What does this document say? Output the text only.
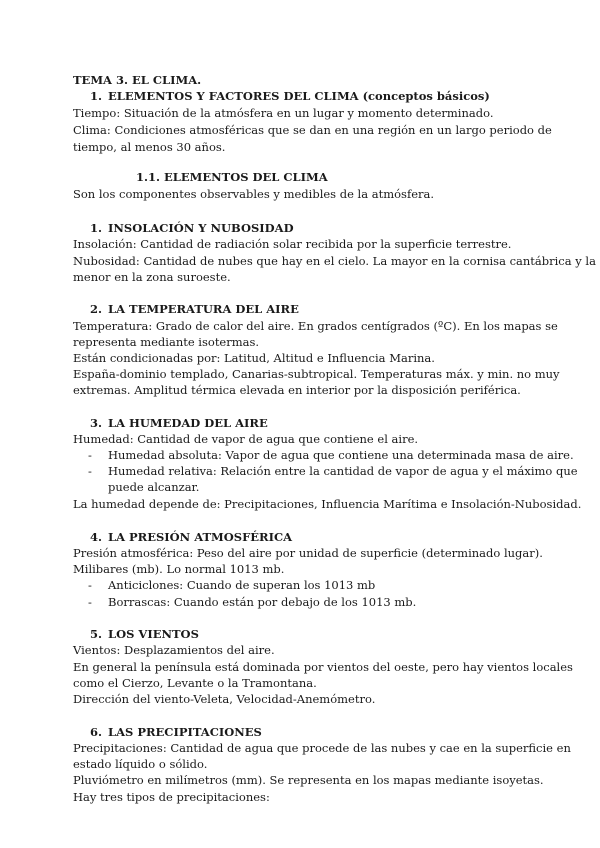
TEMA 3. EL CLIMA.
1. ELEMENTOS Y FACTORES DEL CLIMA (conceptos básicos)
Tiempo: Situación de la atmósfera en un lugar y momento determinado.
Clima: Condiciones atmosféricas que se dan en una región en un largo periodo de
tiempo, al menos 30 años.
1.1. ELEMENTOS DEL CLIMA
Son los componentes observables y medibles de la atmósfera.
1. INSOLACIÓN Y NUBOSIDAD
Insolación: Cantidad de radiación solar recibida por la superficie terrestre.
Nubosidad: Cantidad de nubes que hay en el cielo. La mayor en la cornisa cantábrica y la
menor en la zona suroeste.
2. LA TEMPERATURA DEL AIRE
Temperatura: Grado de calor del aire. En grados centígrados (ºC). En los mapas se
representa mediante isotermas.
Están condicionadas por: Latitud, Altitud e Influencia Marina.
España-dominio templado, Canarias-subtropical. Temperaturas máx. y min. no muy
extremas. Amplitud térmica elevada en interior por la disposición periférica.
3. LA HUMEDAD DEL AIRE
Humedad: Cantidad de vapor de agua que contiene el aire.
- Humedad absoluta: Vapor de agua que contiene una determinada masa de aire.
- Humedad relativa: Relación entre la cantidad de vapor de agua y el máximo que
puede alcanzar.
La humedad depende de: Precipitaciones, Influencia Marítima e Insolación-Nubosidad.
4. LA PRESIÓN ATMOSFÉRICA
Presión atmosférica: Peso del aire por unidad de superficie (determinado lugar).
Milibares (mb). Lo normal 1013 mb.
- Anticiclones: Cuando de superan los 1013 mb
- Borrascas: Cuando están por debajo de los 1013 mb.
5. LOS VIENTOS
Vientos: Desplazamientos del aire.
En general la península está dominada por vientos del oeste, pero hay vientos locales
como el Cierzo, Levante o la Tramontana.
Dirección del viento-Veleta, Velocidad-Anemómetro.
6. LAS PRECIPITACIONES
Precipitaciones: Cantidad de agua que procede de las nubes y cae en la superficie en
estado líquido o sólido.
Pluviómetro en milímetros (mm). Se representa en los mapas mediante isoyetas.
Hay tres tipos de precipitaciones:
